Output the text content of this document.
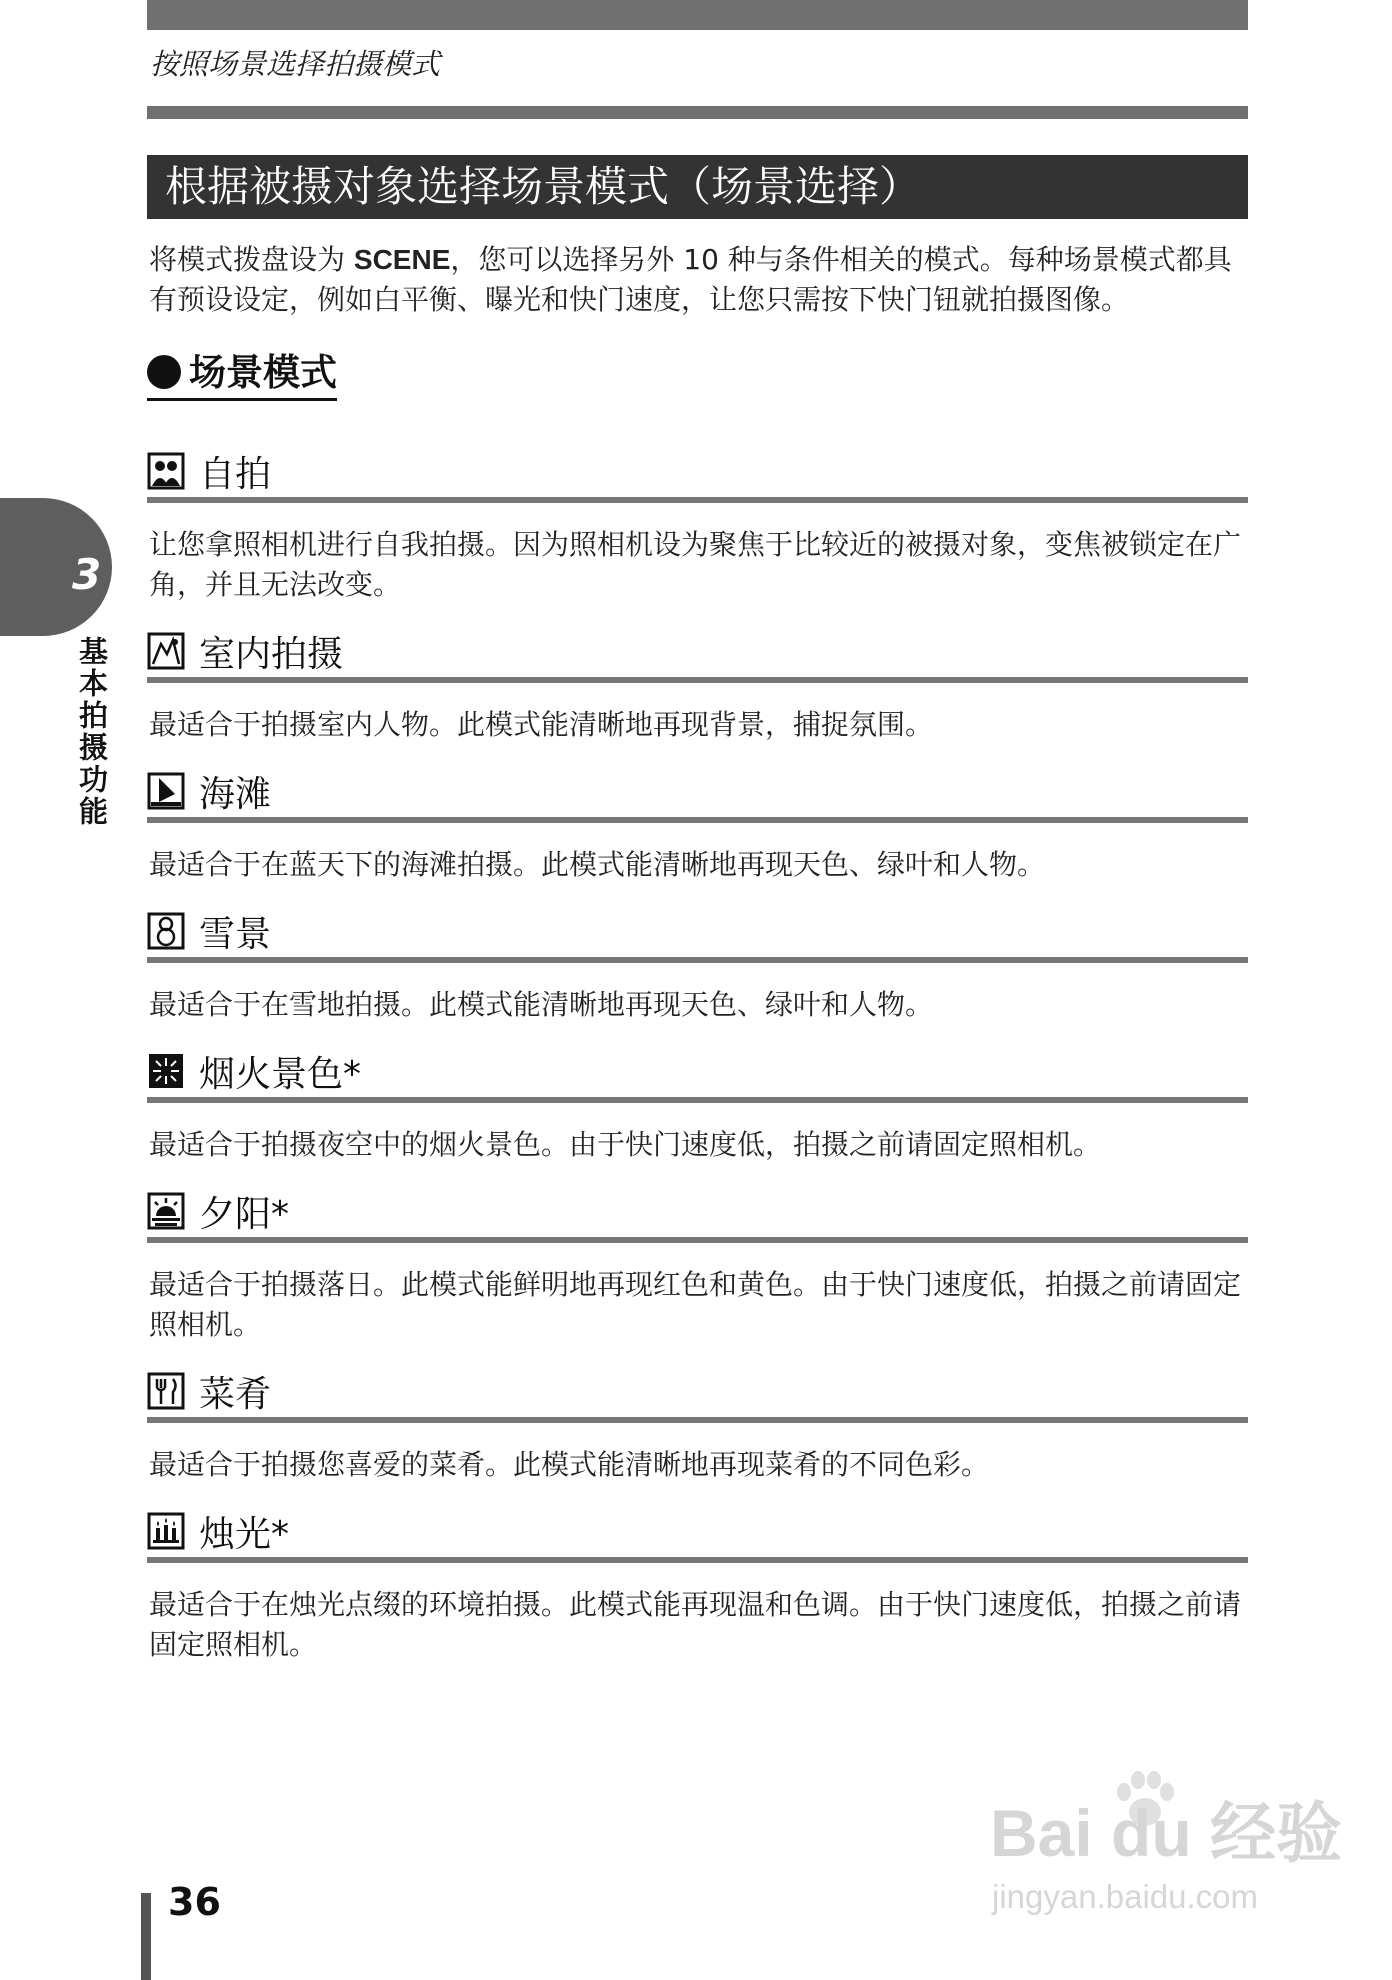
按照场景选择拍摄模式
根据被摄对象选择场景模式（场景选择）
将模式拨盘设为 SCENE，您可以选择另外 10 种与条件相关的模式。每种场景模式都具有预设设定，例如白平衡、曝光和快门速度，让您只需按下快门钮就拍摄图像。
场景模式
3
基本拍摄功能
自拍
让您拿照相机进行自我拍摄。因为照相机设为聚焦于比较近的被摄对象，变焦被锁定在广角，并且无法改变。
室内拍摄
最适合于拍摄室内人物。此模式能清晰地再现背景，捕捉氛围。
海滩
最适合于在蓝天下的海滩拍摄。此模式能清晰地再现天色、绿叶和人物。
雪景
最适合于在雪地拍摄。此模式能清晰地再现天色、绿叶和人物。
烟火景色*
最适合于拍摄夜空中的烟火景色。由于快门速度低，拍摄之前请固定照相机。
夕阳*
最适合于拍摄落日。此模式能鲜明地再现红色和黄色。由于快门速度低，拍摄之前请固定照相机。
菜肴
最适合于拍摄您喜爱的菜肴。此模式能清晰地再现菜肴的不同色彩。
烛光*
最适合于在烛光点缀的环境拍摄。此模式能再现温和色调。由于快门速度低，拍摄之前请固定照相机。
36
Bai du 经验
jingyan.baidu.com
